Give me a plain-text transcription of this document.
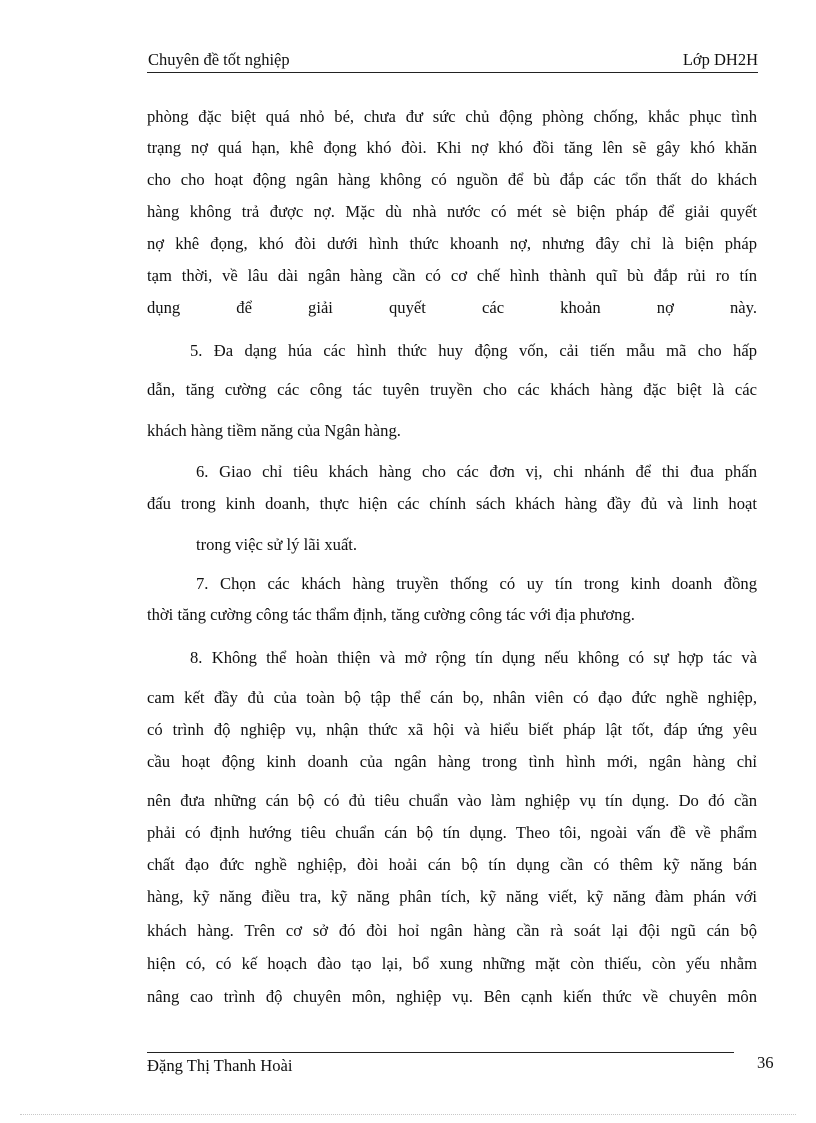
Chuyên đề tốt nghiệp	Lớp DH2H
phòng đặc biệt quá nhỏ bé, chưa đư sức chủ động phòng chống, khắc phục tình
trạng nợ quá hạn, khê đọng khó đòi. Khi nợ khó đồi tăng lên sẽ gây khó khăn
cho cho hoạt động ngân hàng không có nguồn để bù đắp các tổn thất do khách
hàng không trả được nợ. Mặc dù nhà nước có mét sè biện pháp để giải quyết
nợ khê đọng, khó đòi dưới hình thức khoanh nợ, nhưng đây chỉ là biện pháp
tạm thời, về lâu dài ngân hàng cần có cơ chế hình thành quĩ bù đắp rủi ro tín
dụng để giải quyết các khoản nợ này.
5. Đa dạng húa các hình thức huy động vốn, cải tiến mẫu mã cho hấp
dẫn, tăng cường các công tác tuyên truyền cho các khách hàng đặc biệt là các
khách hàng tiềm năng của Ngân hàng.
6. Giao chỉ tiêu khách hàng cho các đơn vị, chi nhánh để thi đua phấn
đấu trong kinh doanh, thực hiện các chính sách khách hàng đầy đủ và linh hoạt
trong việc sử lý lãi xuất.
7. Chọn các khách hàng truyền thống có uy tín trong kinh doanh đồng
thời tăng cường công tác thẩm định, tăng cường công tác với địa phương.
8. Không thể hoàn thiện và mở rộng tín dụng nếu không có sự hợp tác và
cam kết đầy đủ của toàn bộ tập thể cán bọ, nhân viên có đạo đức nghề nghiệp,
có trình độ nghiệp vụ, nhận thức xã hội và hiểu biết pháp lật tốt, đáp ứng yêu
cầu hoạt động kinh doanh của ngân hàng trong tình hình mới, ngân hàng chỉ
nên đưa những cán bộ có đủ tiêu chuẩn vào làm nghiệp vụ tín dụng. Do đó cần
phải có định hướng tiêu chuẩn cán bộ tín dụng. Theo tôi, ngoài vấn đề về phẩm
chất đạo đức nghề nghiệp, đòi hoải cán bộ tín dụng cần có thêm kỹ năng bán
hàng, kỹ năng điều tra, kỹ năng phân tích, kỹ năng viết, kỹ năng đàm phán với
khách hàng. Trên cơ sở đó đòi hoỉ ngân hàng cần rà soát lại đội ngũ cán bộ
hiện có, có kế hoạch đào tạo lại, bổ xung những mặt còn thiếu, còn yếu nhằm
nâng cao trình độ chuyên môn, nghiệp vụ. Bên cạnh kiến thức về chuyên môn
Đặng Thị Thanh Hoài	36
